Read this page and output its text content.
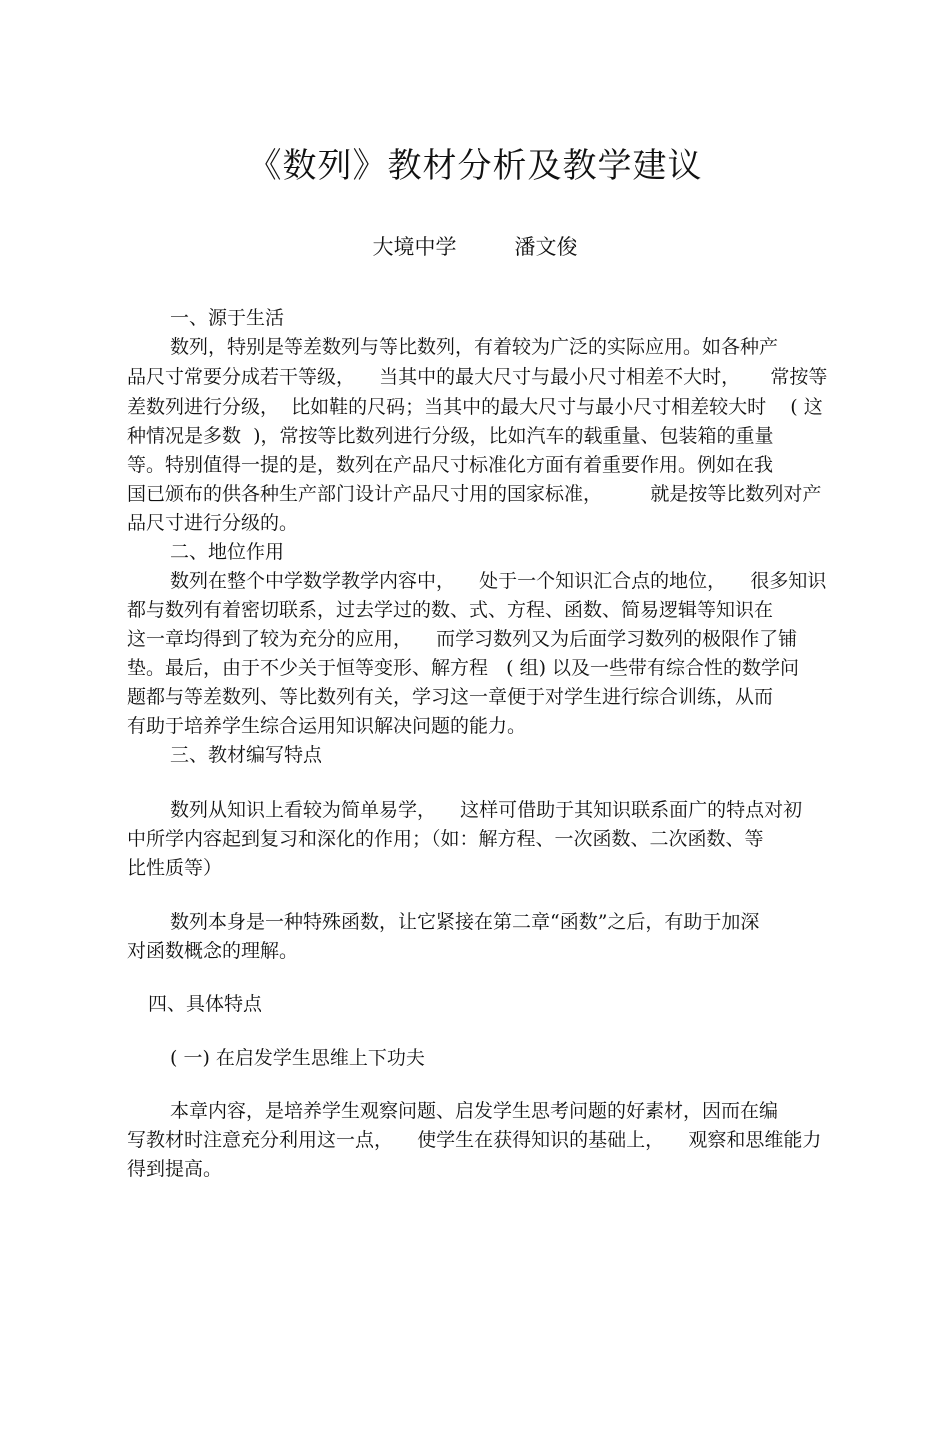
《数列》教材分析及教学建议
大境中学	潘文俊
一、源于生活
数列，特别是等差数列与等比数列，有着较为广泛的实际应用。如各种产
品尺寸常要分成若干等级，    当其中的最大尺寸与最小尺寸相差不大时，     常按等
差数列进行分级，  比如鞋的尺码；当其中的最大尺寸与最小尺寸相差较大时    ( 这
种情况是多数  )，常按等比数列进行分级，比如汽车的载重量、包装箱的重量
等。特别值得一提的是，数列在产品尺寸标准化方面有着重要作用。例如在我
国已颁布的供各种生产部门设计产品尺寸用的国家标准，        就是按等比数列对产
品尺寸进行分级的。
二、地位作用
数列在整个中学数学教学内容中，    处于一个知识汇合点的地位，    很多知识
都与数列有着密切联系，过去学过的数、式、方程、函数、简易逻辑等知识在
这一章均得到了较为充分的应用，    而学习数列又为后面学习数列的极限作了铺
垫。最后，由于不少关于恒等变形、解方程   ( 组) 以及一些带有综合性的数学问
题都与等差数列、等比数列有关，学习这一章便于对学生进行综合训练，从而
有助于培养学生综合运用知识解决问题的能力。
三、教材编写特点
数列从知识上看较为简单易学，    这样可借助于其知识联系面广的特点对初
中所学内容起到复习和深化的作用；（如：解方程、一次函数、二次函数、等
比性质等）
数列本身是一种特殊函数，让它紧接在第二章“函数”之后，有助于加深
对函数概念的理解。
四、具体特点
( 一) 在启发学生思维上下功夫
本章内容，是培养学生观察问题、启发学生思考问题的好素材，因而在编
写教材时注意充分利用这一点，    使学生在获得知识的基础上，    观察和思维能力
得到提高。
